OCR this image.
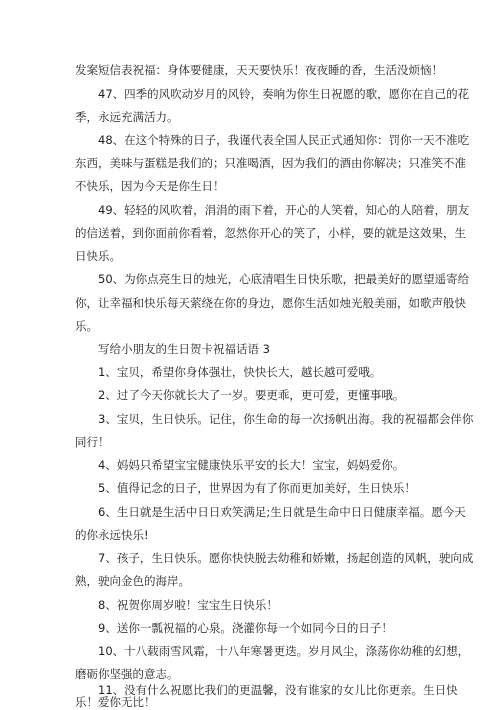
发案短信表祝福：身体要健康，天天要快乐！夜夜睡的香，生活没烦恼！
47、四季的风吹动岁月的风铃，奏响为你生日祝愿的歌，愿你在自己的花
季，永远充满活力。
48、在这个特殊的日子，我谨代表全国人民正式通知你：罚你一天不准吃
东西，美味与蛋糕是我们的；只准喝酒，因为我们的酒由你解决；只准笑不准
不快乐，因为今天是你生日！
49、轻轻的风吹着，涓涓的雨下着，开心的人笑着，知心的人陪着，朋友
的信送着，到你面前你看着，忽然你开心的笑了，小样，要的就是这效果，生
日快乐。
50、为你点亮生日的烛光，心底清唱生日快乐歌，把最美好的愿望遥寄给
你，让幸福和快乐每天萦绕在你的身边，愿你生活如烛光般美丽，如歌声般快
乐。
写给小朋友的生日贺卡祝福话语 3
1、宝贝，希望你身体强壮，快快长大，越长越可爱哦。
2、过了今天你就长大了一岁。要更乖，更可爱，更懂事哦。
3、宝贝，生日快乐。记住，你生命的每一次扬帆出海。我的祝福都会伴你
同行！
4、妈妈只希望宝宝健康快乐平安的长大！宝宝，妈妈爱你。
5、值得记念的日子，世界因为有了你而更加美好，生日快乐！
6、生日就是生活中日日欢笑满足;生日就是生命中日日健康幸福。愿今天
的你永远快乐!
7、孩子，生日快乐。愿你快快脱去幼稚和娇嫩，扬起创造的风帆，驶向成
熟，驶向金色的海岸。
8、祝贺你周岁啦！宝宝生日快乐！
9、送你一瓢祝福的心泉。浇灌你每一个如同今日的日子！
10、十八载雨雪风霜，十八年寒暑更迭。岁月风尘，涤荡你幼稚的幻想，
磨砺你坚强的意志。
11、没有什么祝愿比我们的更温馨，没有谁家的女儿比你更亲。生日快
乐！爱你无比！
